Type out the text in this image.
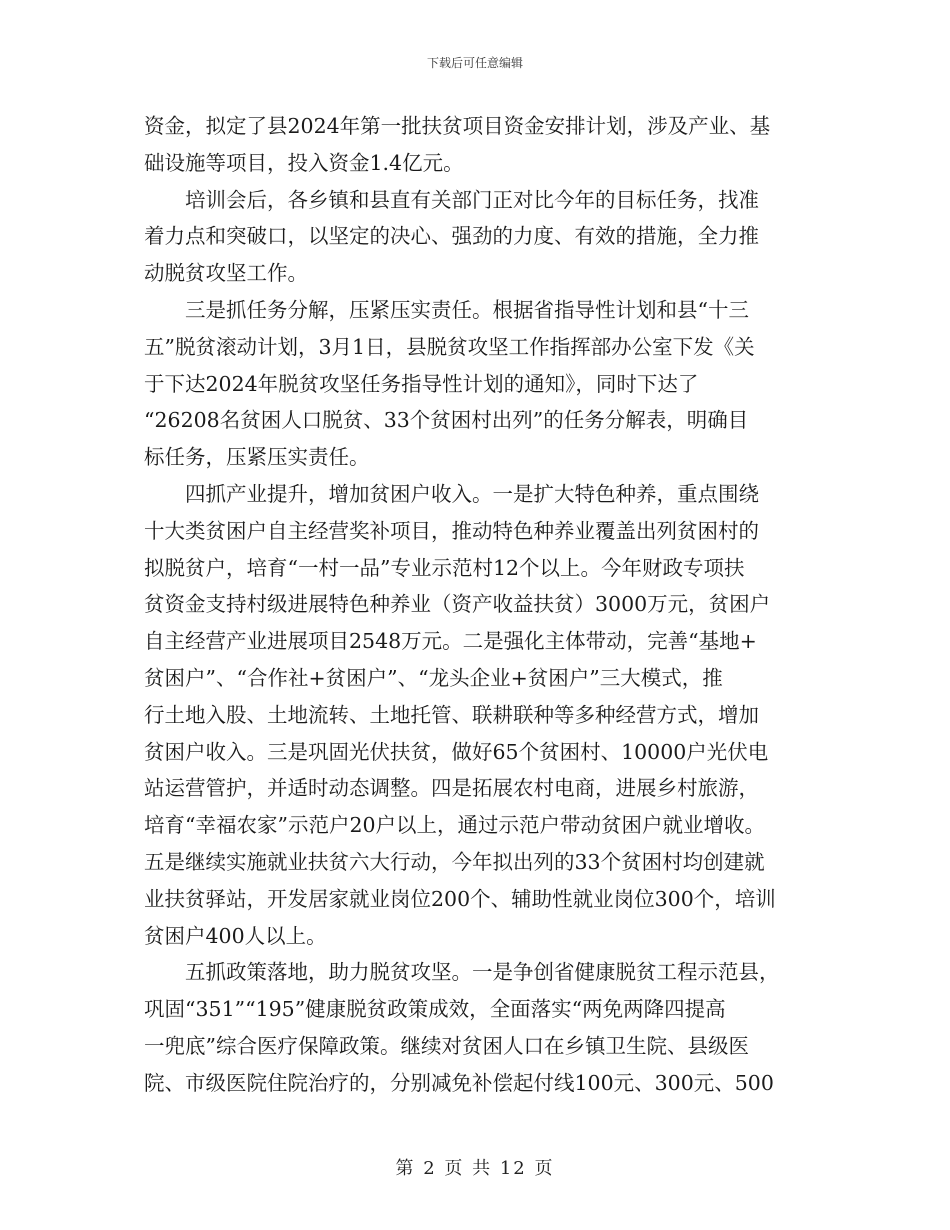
下载后可任意编辑
资金，拟定了县2024年第一批扶贫项目资金安排计划，涉及产业、基
础设施等项目，投入资金1.4亿元。
培训会后，各乡镇和县直有关部门正对比今年的目标任务，找准
着力点和突破口，以坚定的决心、强劲的力度、有效的措施，全力推
动脱贫攻坚工作。
三是抓任务分解，压紧压实责任。根据省指导性计划和县“十三
五”脱贫滚动计划，3月1日，县脱贫攻坚工作指挥部办公室下发《关
于下达2024年脱贫攻坚任务指导性计划的通知》，同时下达了
“26208名贫困人口脱贫、33个贫困村出列”的任务分解表，明确目
标任务，压紧压实责任。
四抓产业提升，增加贫困户收入。一是扩大特色种养，重点围绕
十大类贫困户自主经营奖补项目，推动特色种养业覆盖出列贫困村的
拟脱贫户，培育“一村一品”专业示范村12个以上。今年财政专项扶
贫资金支持村级进展特色种养业（资产收益扶贫）3000万元，贫困户
自主经营产业进展项目2548万元。二是强化主体带动，完善“基地+
贫困户”、“合作社+贫困户”、“龙头企业+贫困户”三大模式，推
行土地入股、土地流转、土地托管、联耕联种等多种经营方式，增加
贫困户收入。三是巩固光伏扶贫，做好65个贫困村、10000户光伏电
站运营管护，并适时动态调整。四是拓展农村电商，进展乡村旅游，
培育“幸福农家”示范户20户以上，通过示范户带动贫困户就业增收。
五是继续实施就业扶贫六大行动，今年拟出列的33个贫困村均创建就
业扶贫驿站，开发居家就业岗位200个、辅助性就业岗位300个，培训
贫困户400人以上。
五抓政策落地，助力脱贫攻坚。一是争创省健康脱贫工程示范县，
巩固“351”“195”健康脱贫政策成效，全面落实“两免两降四提高
一兜底”综合医疗保障政策。继续对贫困人口在乡镇卫生院、县级医
院、市级医院住院治疗的，分别减免补偿起付线100元、300元、500
第 2 页 共 12 页
